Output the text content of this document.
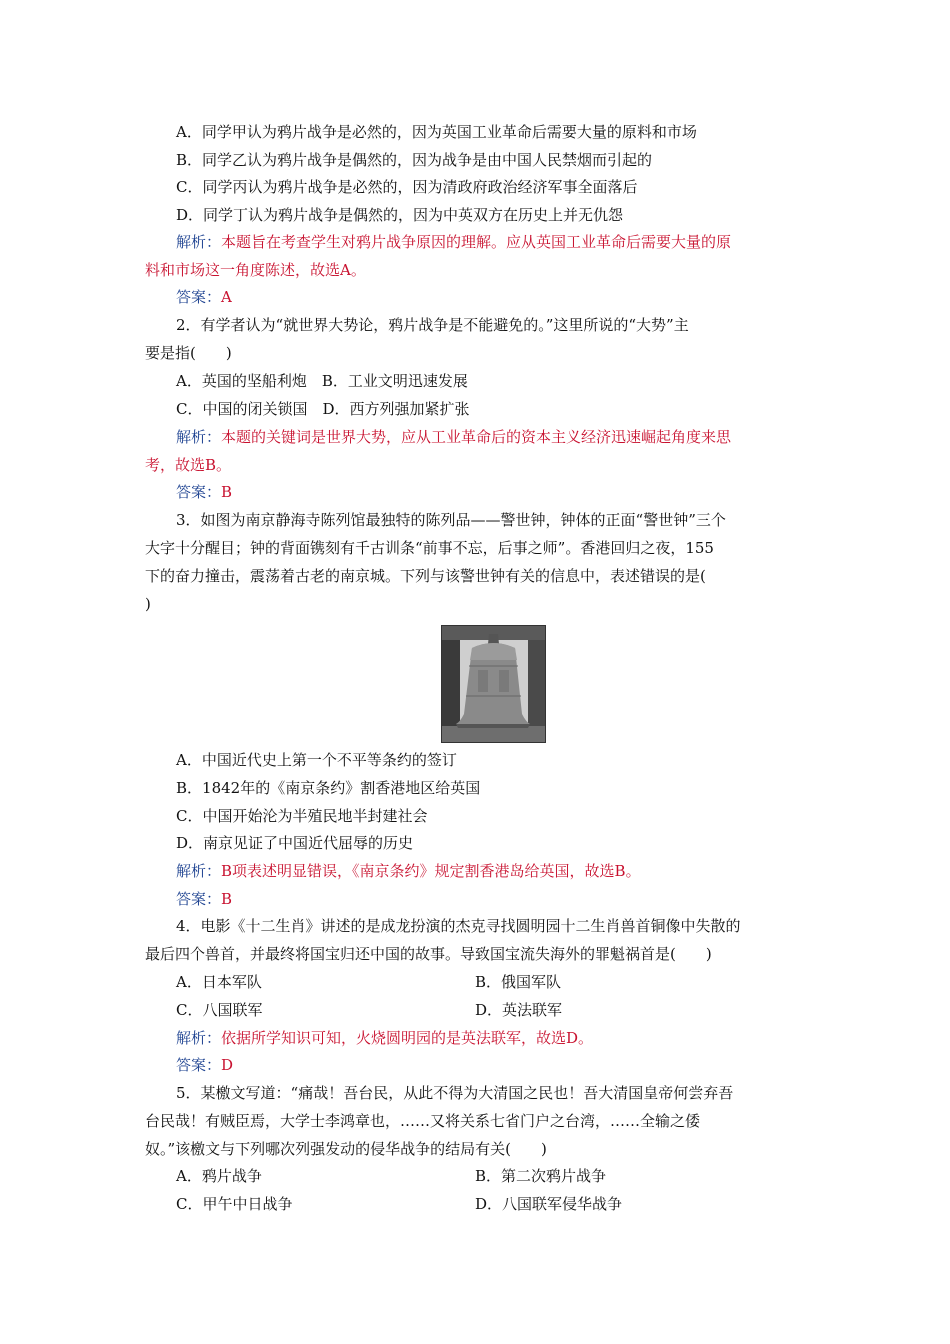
A．同学甲认为鸦片战争是必然的，因为英国工业革命后需要大量的原料和市场
B．同学乙认为鸦片战争是偶然的，因为战争是由中国人民禁烟而引起的
C．同学丙认为鸦片战争是必然的，因为清政府政治经济军事全面落后
D．同学丁认为鸦片战争是偶然的，因为中英双方在历史上并无仇怨
解析：本题旨在考查学生对鸦片战争原因的理解。应从英国工业革命后需要大量的原
料和市场这一角度陈述，故选A。
答案：A
2．有学者认为“就世界大势论，鸦片战争是不能避免的。”这里所说的“大势”主
要是指(　　)
A．英国的坚船利炮　B．工业文明迅速发展
C．中国的闭关锁国　D．西方列强加紧扩张
解析：本题的关键词是世界大势，应从工业革命后的资本主义经济迅速崛起角度来思
考，故选B。
答案：B
3．如图为南京静海寺陈列馆最独特的陈列品——警世钟，钟体的正面“警世钟”三个
大字十分醒目；钟的背面镌刻有千古训条“前事不忘，后事之师”。香港回归之夜，155
下的奋力撞击，震荡着古老的南京城。下列与该警世钟有关的信息中，表述错误的是(
)
A．中国近代史上第一个不平等条约的签订
B．1842年的《南京条约》割香港地区给英国
C．中国开始沦为半殖民地半封建社会
D．南京见证了中国近代屈辱的历史
解析：B项表述明显错误，《南京条约》规定割香港岛给英国，故选B。
答案：B
4．电影《十二生肖》讲述的是成龙扮演的杰克寻找圆明园十二生肖兽首铜像中失散的
最后四个兽首，并最终将国宝归还中国的故事。导致国宝流失海外的罪魁祸首是(　　)
A．日本军队	B．俄国军队
C．八国联军	D．英法联军
解析：依据所学知识可知，火烧圆明园的是英法联军，故选D。
答案：D
5．某檄文写道：“痛哉！吾台民，从此不得为大清国之民也！吾大清国皇帝何尝弃吾
台民哉！有贼臣焉，大学士李鸿章也，……又将关系七省门户之台湾，……全输之倭
奴。”该檄文与下列哪次列强发动的侵华战争的结局有关(　　)
A．鸦片战争	B．第二次鸦片战争
C．甲午中日战争	D．八国联军侵华战争
